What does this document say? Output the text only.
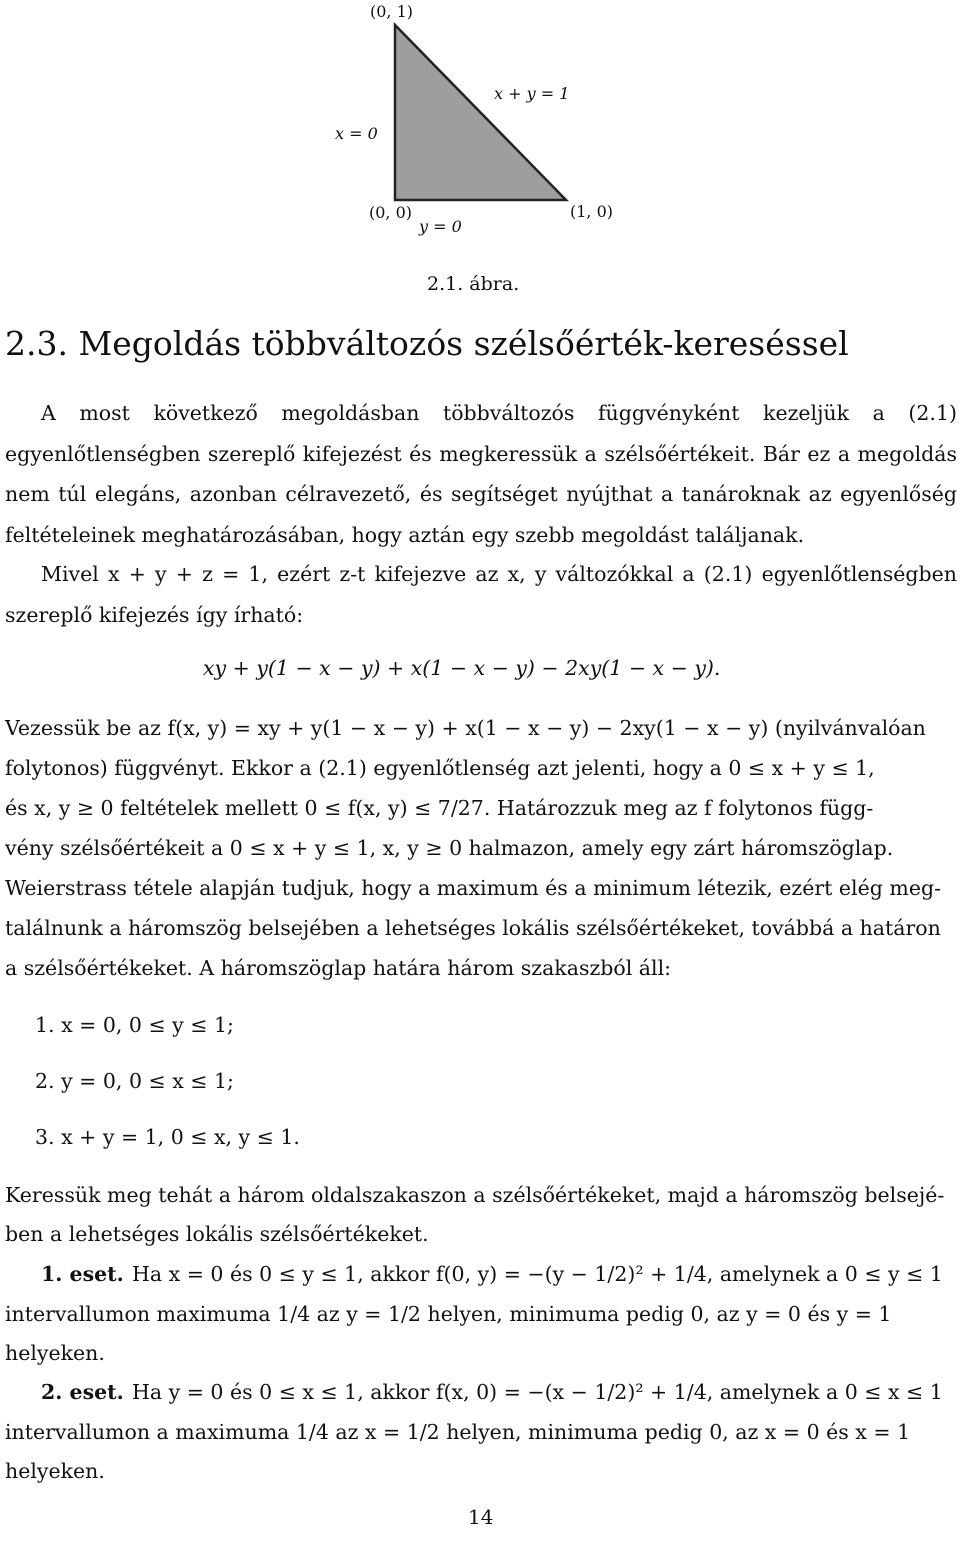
(0, 1)
x + y = 1
x = 0
(0, 0)
y = 0
(1, 0)
2.1. ábra.
2.3. Megoldás többváltozós szélsőérték-kereséssel
A most következő megoldásban többváltozós függvényként kezeljük a (2.1) egyenlőtlenségben szereplő kifejezést és megkeressük a szélsőértékeit. Bár ez a megoldás nem túl elegáns, azonban célravezető, és segítséget nyújthat a tanároknak az egyenlőség feltételeinek meghatározásában, hogy aztán egy szebb megoldást találjanak.
Mivel x + y + z = 1, ezért z-t kifejezve az x, y változókkal a (2.1) egyenlőtlenségben szereplő kifejezés így írható:
xy + y(1 − x − y) + x(1 − x − y) − 2xy(1 − x − y).
Vezessük be az f(x, y) = xy + y(1 − x − y) + x(1 − x − y) − 2xy(1 − x − y) (nyilvánvalóan
folytonos) függvényt. Ekkor a (2.1) egyenlőtlenség azt jelenti, hogy a 0 ≤ x + y ≤ 1,
és x, y ≥ 0 feltételek mellett 0 ≤ f(x, y) ≤ 7/27. Határozzuk meg az f folytonos függ-
vény szélsőértékeit a 0 ≤ x + y ≤ 1, x, y ≥ 0 halmazon, amely egy zárt háromszöglap.
Weierstrass tétele alapján tudjuk, hogy a maximum és a minimum létezik, ezért elég meg-
találnunk a háromszög belsejében a lehetséges lokális szélsőértékeket, továbbá a határon
a szélsőértékeket. A háromszöglap határa három szakaszból áll:
1. x = 0, 0 ≤ y ≤ 1;
2. y = 0, 0 ≤ x ≤ 1;
3. x + y = 1, 0 ≤ x, y ≤ 1.
Keressük meg tehát a három oldalszakaszon a szélsőértékeket, majd a háromszög belsejé-
ben a lehetséges lokális szélsőértékeket.
1. eset. Ha x = 0 és 0 ≤ y ≤ 1, akkor f(0, y) = −(y − 1/2)² + 1/4, amelynek a 0 ≤ y ≤ 1
intervallumon maximuma 1/4 az y = 1/2 helyen, minimuma pedig 0, az y = 0 és y = 1
helyeken.
2. eset. Ha y = 0 és 0 ≤ x ≤ 1, akkor f(x, 0) = −(x − 1/2)² + 1/4, amelynek a 0 ≤ x ≤ 1
intervallumon a maximuma 1/4 az x = 1/2 helyen, minimuma pedig 0, az x = 0 és x = 1
helyeken.
14
